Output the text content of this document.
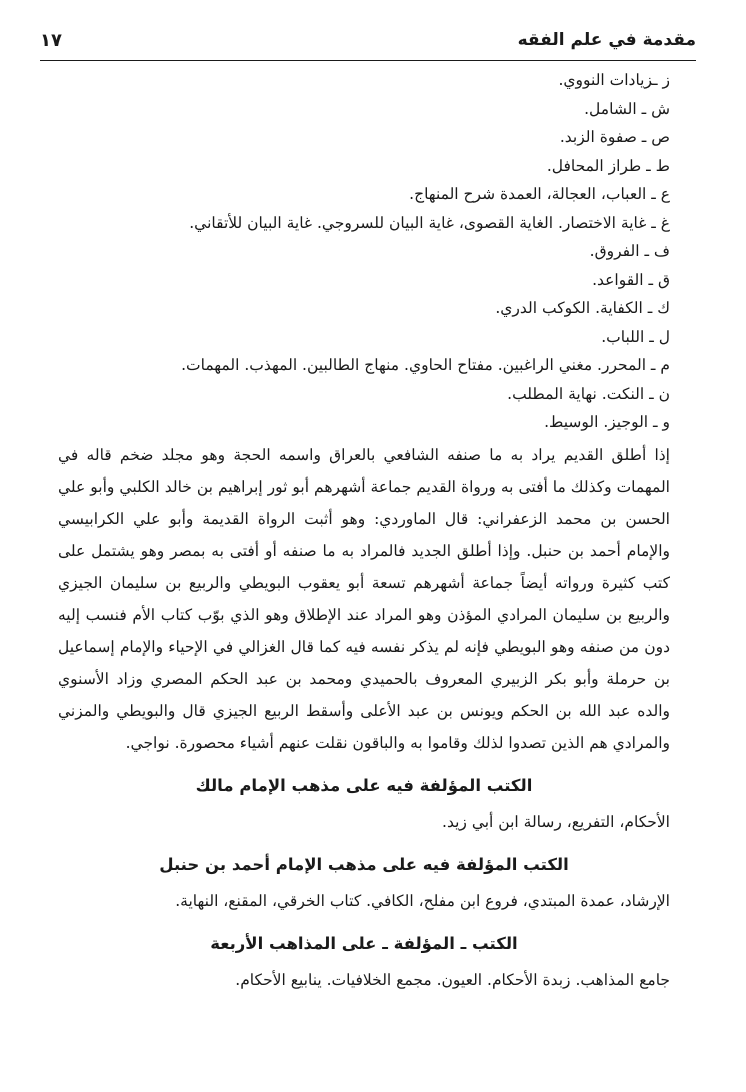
مقدمة في علم الفقه
١٧
ز ـزيادات النووي.
ش ـ الشامل.
ص ـ صفوة الزبد.
ط ـ طراز المحافل.
ع ـ العباب، العجالة، العمدة شرح المنهاج.
غ ـ غاية الاختصار. الغاية القصوى، غاية البيان للسروجي. غاية البيان للأتقاني.
ف ـ الفروق.
ق ـ القواعد.
ك ـ الكفاية. الكوكب الدري.
ل ـ اللباب.
م ـ المحرر. مغني الراغبين. مفتاح الحاوي. منهاج الطالبين. المهذب. المهمات.
ن ـ النكت. نهاية المطلب.
و ـ الوجيز. الوسيط.

إذا أطلق القديم يراد به ما صنفه الشافعي بالعراق واسمه الحجة وهو مجلد ضخم قاله في المهمات وكذلك ما أفتى به ورواة القديم جماعة أشهرهم أبو ثور إبراهيم بن خالد الكلبي وأبو علي الحسن بن محمد الزعفراني: قال الماوردي: وهو أثبت الرواة القديمة وأبو علي الكرابيسي والإمام أحمد بن حنبل. وإذا أطلق الجديد فالمراد به ما صنفه أو أفتى به بمصر وهو يشتمل على كتب كثيرة ورواته أيضاً جماعة أشهرهم تسعة أبو يعقوب البويطي والربيع بن سليمان الجيزي والربيع بن سليمان المرادي المؤذن وهو المراد عند الإطلاق وهو الذي بوّب كتاب الأم فنسب إليه دون من صنفه وهو البويطي فإنه لم يذكر نفسه فيه كما قال الغزالي في الإحياء والإمام إسماعيل بن حرملة وأبو بكر الزبيري المعروف بالحميدي ومحمد بن عبد الحكم المصري وزاد الأسنوي والده عبد الله بن الحكم ويونس بن عبد الأعلى وأسقط الربيع الجيزي قال والبويطي والمزني والمرادي هم الذين تصدوا لذلك وقاموا به والباقون نقلت عنهم أشياء محصورة. نواجي.

الكتب المؤلفة فيه على مذهب الإمام مالك
الأحكام، التفريع، رسالة ابن أبي زيد.
الكتب المؤلفة فيه على مذهب الإمام أحمد بن حنبل
الإرشاد، عمدة المبتدي، فروع ابن مفلح، الكافي. كتاب الخرقي، المقنع، النهاية.
الكتب ـ المؤلفة ـ على المذاهب الأربعة
جامع المذاهب. زبدة الأحكام. العيون. مجمع الخلافيات. ينابيع الأحكام.
